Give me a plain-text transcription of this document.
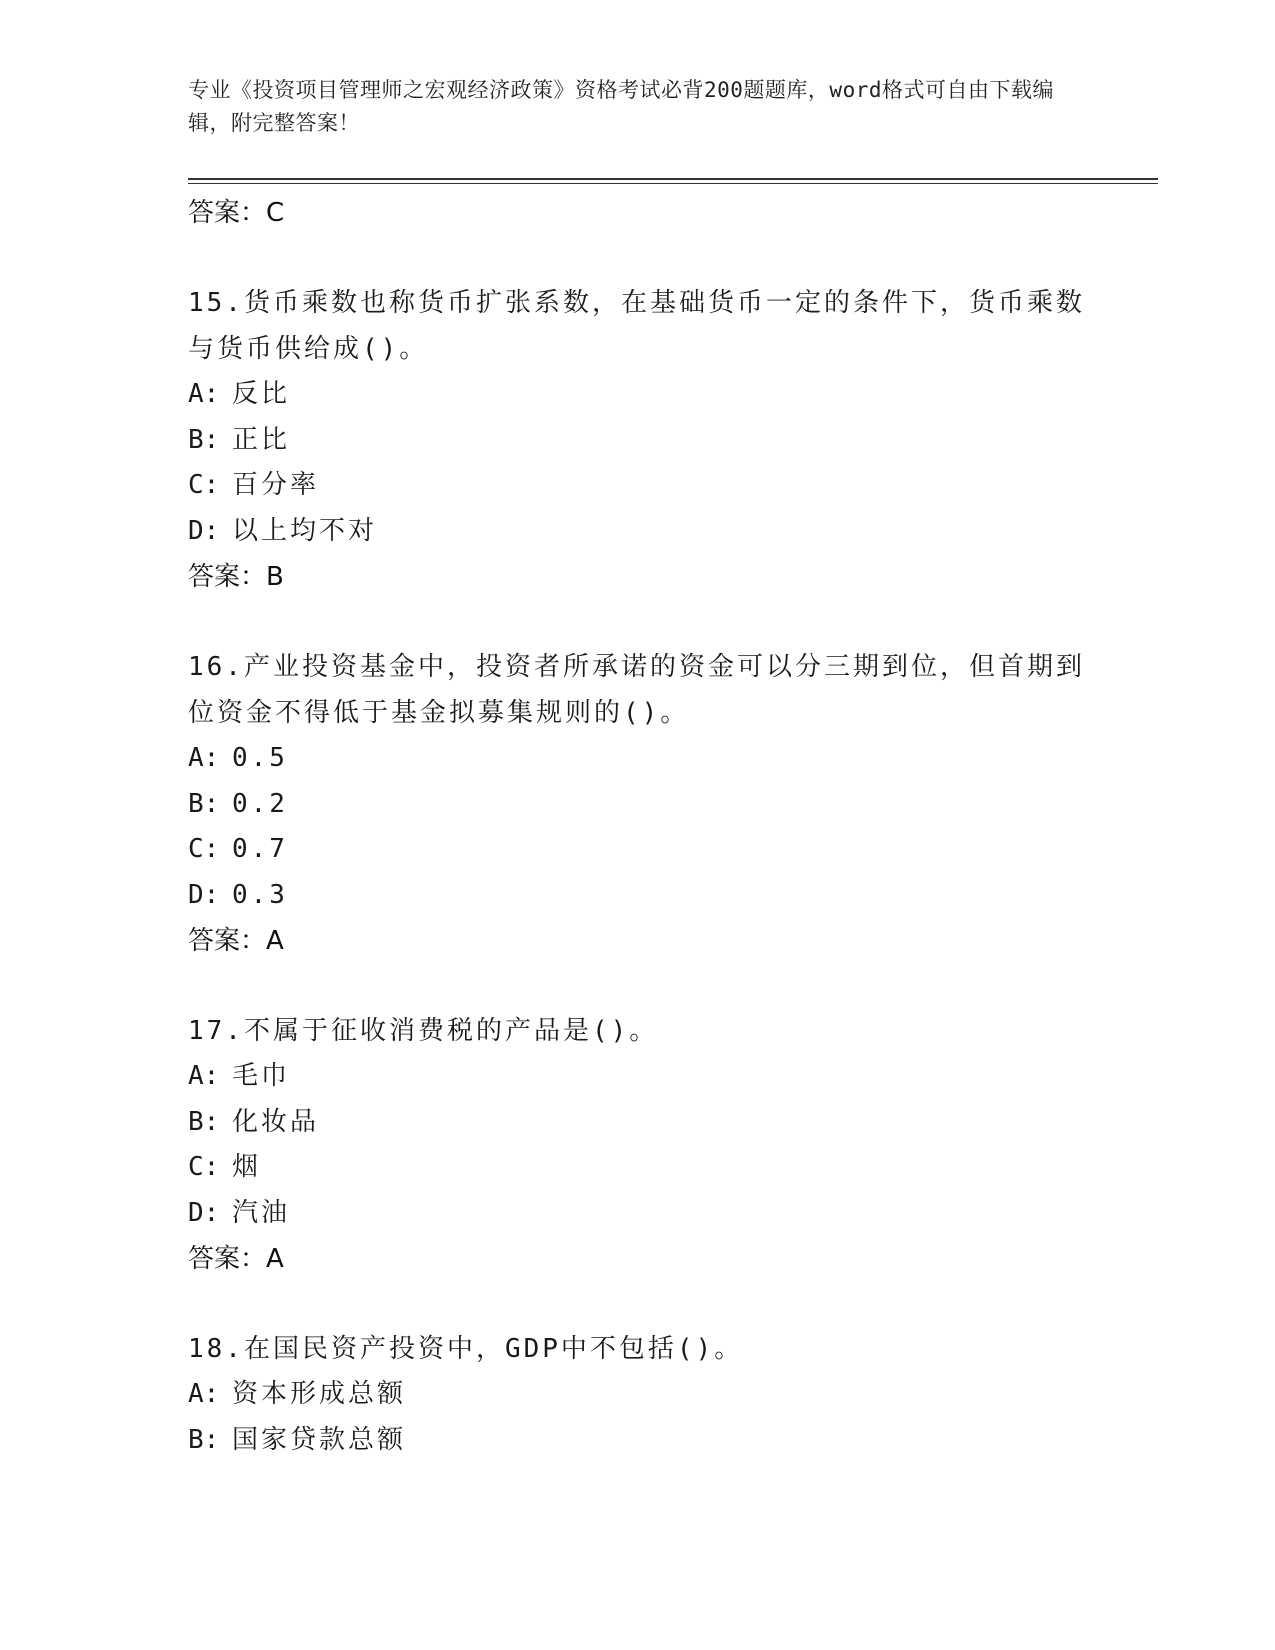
专业《投资项目管理师之宏观经济政策》资格考试必背200题题库，word格式可自由下载编辑，附完整答案！
答案：C
15.货币乘数也称货币扩张系数，在基础货币一定的条件下，货币乘数与货币供给成()。
A: 反比
B: 正比
C: 百分率
D: 以上均不对
答案：B
16.产业投资基金中，投资者所承诺的资金可以分三期到位，但首期到位资金不得低于基金拟募集规则的()。
A: 0.5
B: 0.2
C: 0.7
D: 0.3
答案：A
17.不属于征收消费税的产品是()。
A: 毛巾
B: 化妆品
C: 烟
D: 汽油
答案：A
18.在国民资产投资中，GDP中不包括()。
A: 资本形成总额
B: 国家贷款总额
